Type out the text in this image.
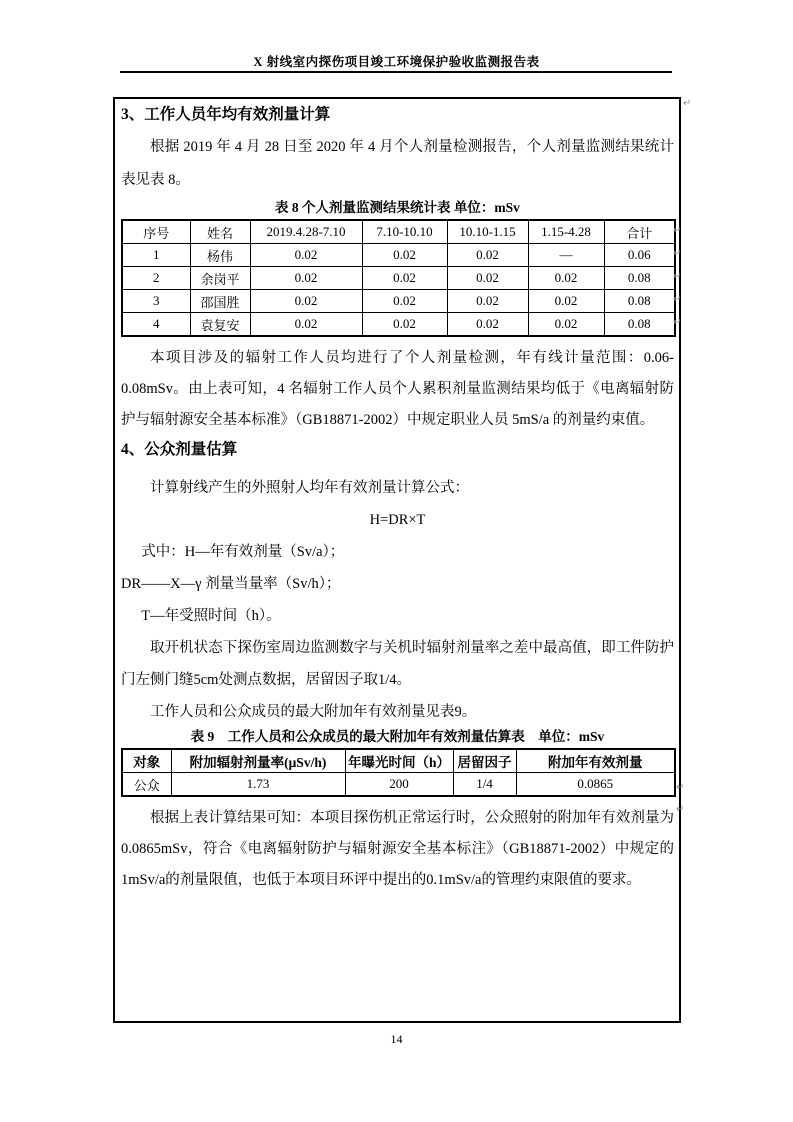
X 射线室内探伤项目竣工环境保护验收监测报告表
3、工作人员年均有效剂量计算

根据 2019 年 4 月 28 日至 2020 年 4 月个人剂量检测报告，个人剂量监测结果统计表见表 8。

表 8 个人剂量监测结果统计表 单位：mSv

序号	姓名	2019.4.28-7.10	7.10-10.10	10.10-1.15	1.15-4.28	合计
1	杨伟	0.02	0.02	0.02	—	0.06
2	余岗平	0.02	0.02	0.02	0.02	0.08
3	邵国胜	0.02	0.02	0.02	0.02	0.08
4	袁复安	0.02	0.02	0.02	0.02	0.08

本项目涉及的辐射工作人员均进行了个人剂量检测，年有线计量范围：0.06-0.08mSv。由上表可知，4 名辐射工作人员个人累积剂量监测结果均低于《电离辐射防护与辐射源安全基本标准》（GB18871-2002）中规定职业人员 5mS/a 的剂量约束值。

4、公众剂量估算

计算射线产生的外照射人均年有效剂量计算公式：

H=DR×T

式中：H—年有效剂量（Sv/a）；

DR——X—γ 剂量当量率（Sv/h）；

T—年受照时间（h）。

取开机状态下探伤室周边监测数字与关机时辐射剂量率之差中最高值，即工件防护门左侧门缝5cm处测点数据，居留因子取1/4。

工作人员和公众成员的最大附加年有效剂量见表9。

表 9　工作人员和公众成员的最大附加年有效剂量估算表　单位：mSv

对象	附加辐射剂量率(μSv/h)	年曝光时间（h）	居留因子	附加年有效剂量
公众	1.73	200	1/4	0.0865

根据上表计算结果可知：本项目探伤机正常运行时，公众照射的附加年有效剂量为0.0865mSv，符合《电离辐射防护与辐射源安全基本标注》（GB18871-2002）中规定的1mSv/a的剂量限值，也低于本项目环评中提出的0.1mSv/a的管理约束限值的要求。

↵
↵
↵
↵
↵
↵
↵
↵
14
